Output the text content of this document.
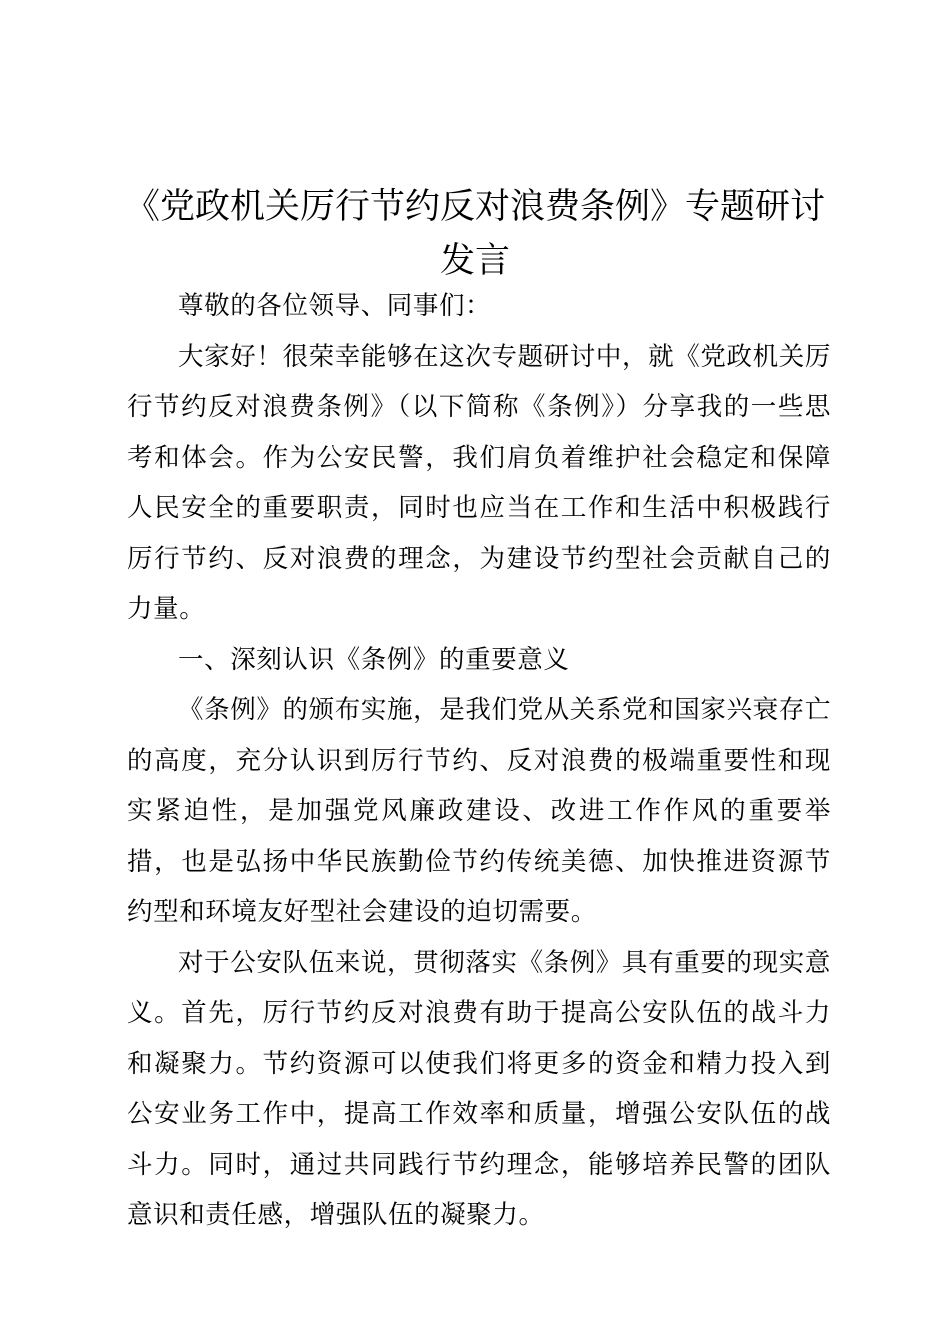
《党政机关厉行节约反对浪费条例》专题研讨发言

尊敬的各位领导、同事们：

大家好！很荣幸能够在这次专题研讨中，就《党政机关厉行节约反对浪费条例》（以下简称《条例》）分享我的一些思考和体会。作为公安民警，我们肩负着维护社会稳定和保障人民安全的重要职责，同时也应当在工作和生活中积极践行厉行节约、反对浪费的理念，为建设节约型社会贡献自己的力量。

一、深刻认识《条例》的重要意义

《条例》的颁布实施，是我们党从关系党和国家兴衰存亡的高度，充分认识到厉行节约、反对浪费的极端重要性和现实紧迫性，是加强党风廉政建设、改进工作作风的重要举措，也是弘扬中华民族勤俭节约传统美德、加快推进资源节约型和环境友好型社会建设的迫切需要。

对于公安队伍来说，贯彻落实《条例》具有重要的现实意义。首先，厉行节约反对浪费有助于提高公安队伍的战斗力和凝聚力。节约资源可以使我们将更多的资金和精力投入到公安业务工作中，提高工作效率和质量，增强公安队伍的战斗力。同时，通过共同践行节约理念，能够培养民警的团队意识和责任感，增强队伍的凝聚力。
